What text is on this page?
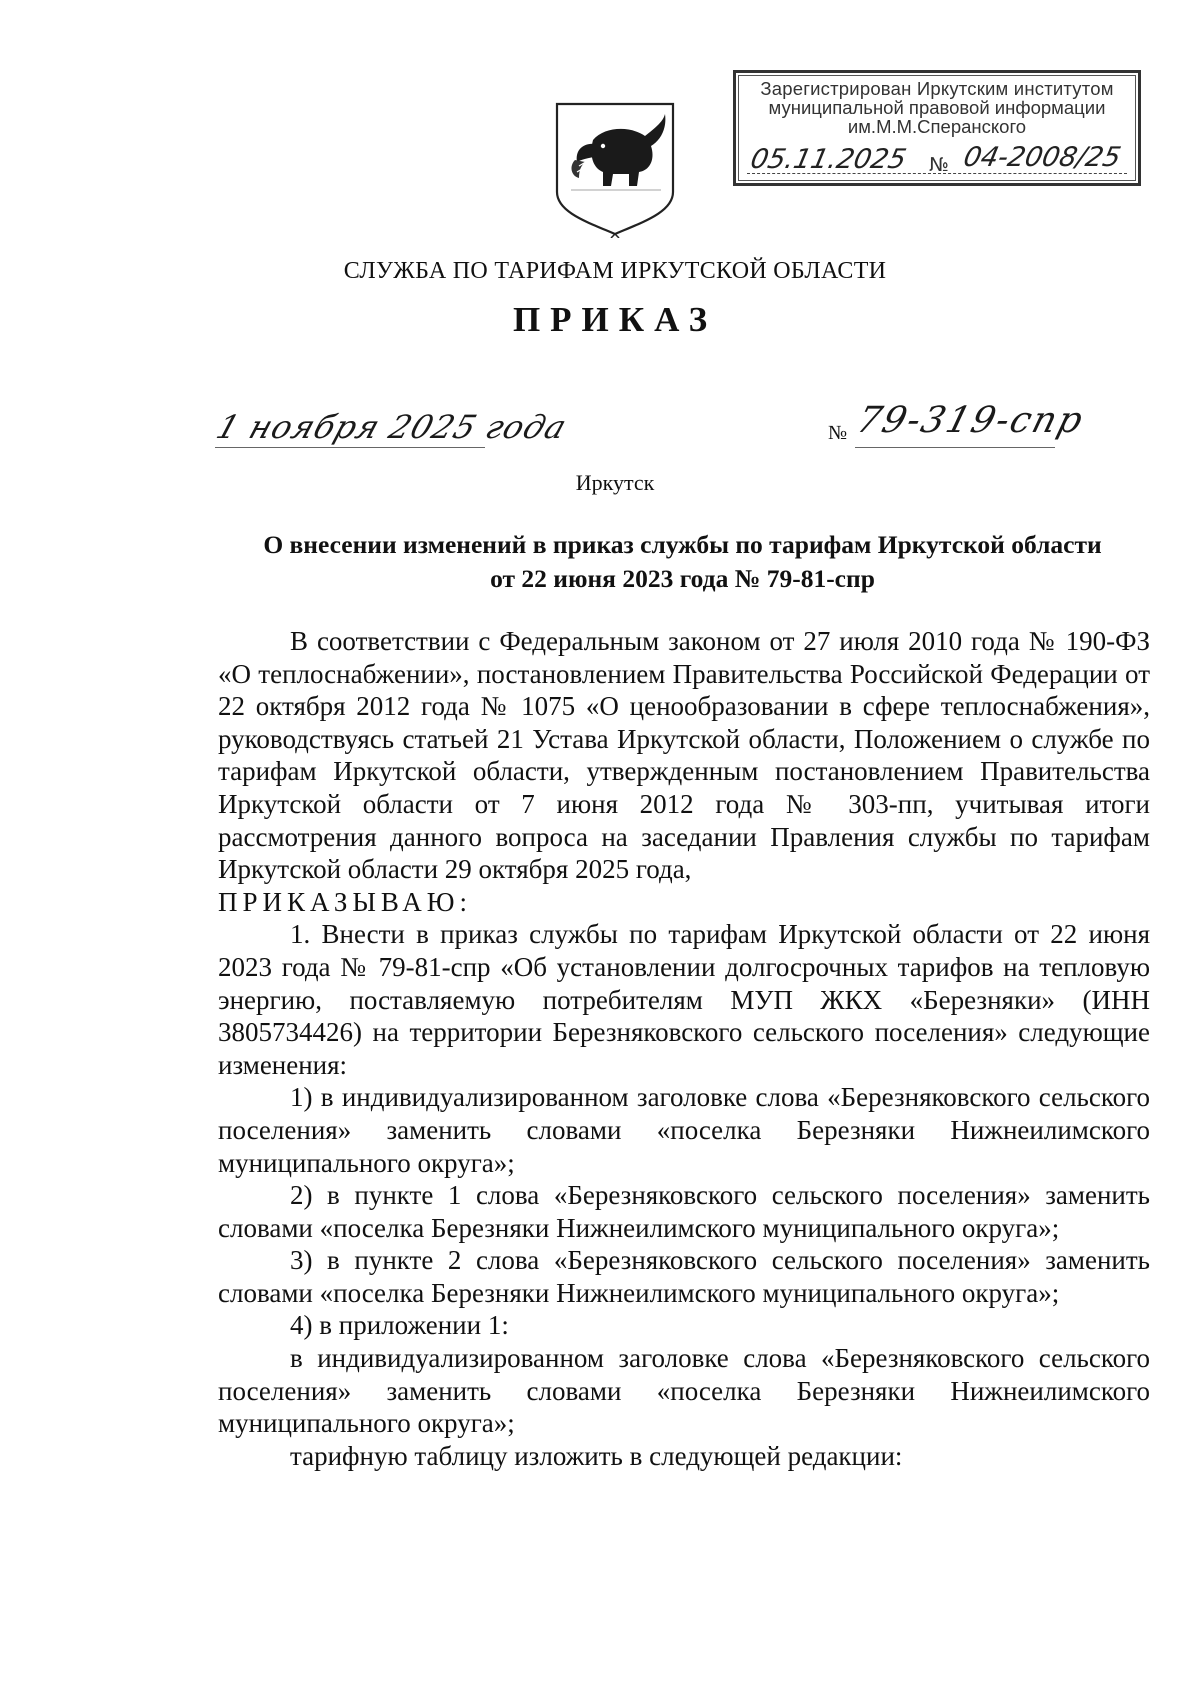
Зарегистрирован Иркутским институтом
муниципальной правовой информации
им.М.М.Сперанского
05.11.2025 № 04-2008/25
СЛУЖБА ПО ТАРИФАМ ИРКУТСКОЙ ОБЛАСТИ
ПРИКАЗ
1 ноября 2025 года	№ 79-319-спр
Иркутск
О внесении изменений в приказ службы по тарифам Иркутской области
от 22 июня 2023 года № 79-81-спр

В соответствии с Федеральным законом от 27 июля 2010 года № 190-ФЗ «О теплоснабжении», постановлением Правительства Российской Федерации от 22 октября 2012 года № 1075 «О ценообразовании в сфере теплоснабжения», руководствуясь статьей 21 Устава Иркутской области, Положением о службе по тарифам Иркутской области, утвержденным постановлением Правительства Иркутской области от 7 июня 2012 года № 303-пп, учитывая итоги рассмотрения данного вопроса на заседании Правления службы по тарифам Иркутской области 29 октября 2025 года,

ПРИКАЗЫВАЮ:

1. Внести в приказ службы по тарифам Иркутской области от 22 июня 2023 года № 79-81-спр «Об установлении долгосрочных тарифов на тепловую энергию, поставляемую потребителям МУП ЖКХ «Березняки» (ИНН 3805734426) на территории Березняковского сельского поселения» следующие изменения:

1) в индивидуализированном заголовке слова «Березняковского сельского поселения» заменить словами «поселка Березняки Нижнеилимского муниципального округа»;

2) в пункте 1 слова «Березняковского сельского поселения» заменить словами «поселка Березняки Нижнеилимского муниципального округа»;

3) в пункте 2 слова «Березняковского сельского поселения» заменить словами «поселка Березняки Нижнеилимского муниципального округа»;

4) в приложении 1:

в индивидуализированном заголовке слова «Березняковского сельского поселения» заменить словами «поселка Березняки Нижнеилимского муниципального округа»;

тарифную таблицу изложить в следующей редакции:
